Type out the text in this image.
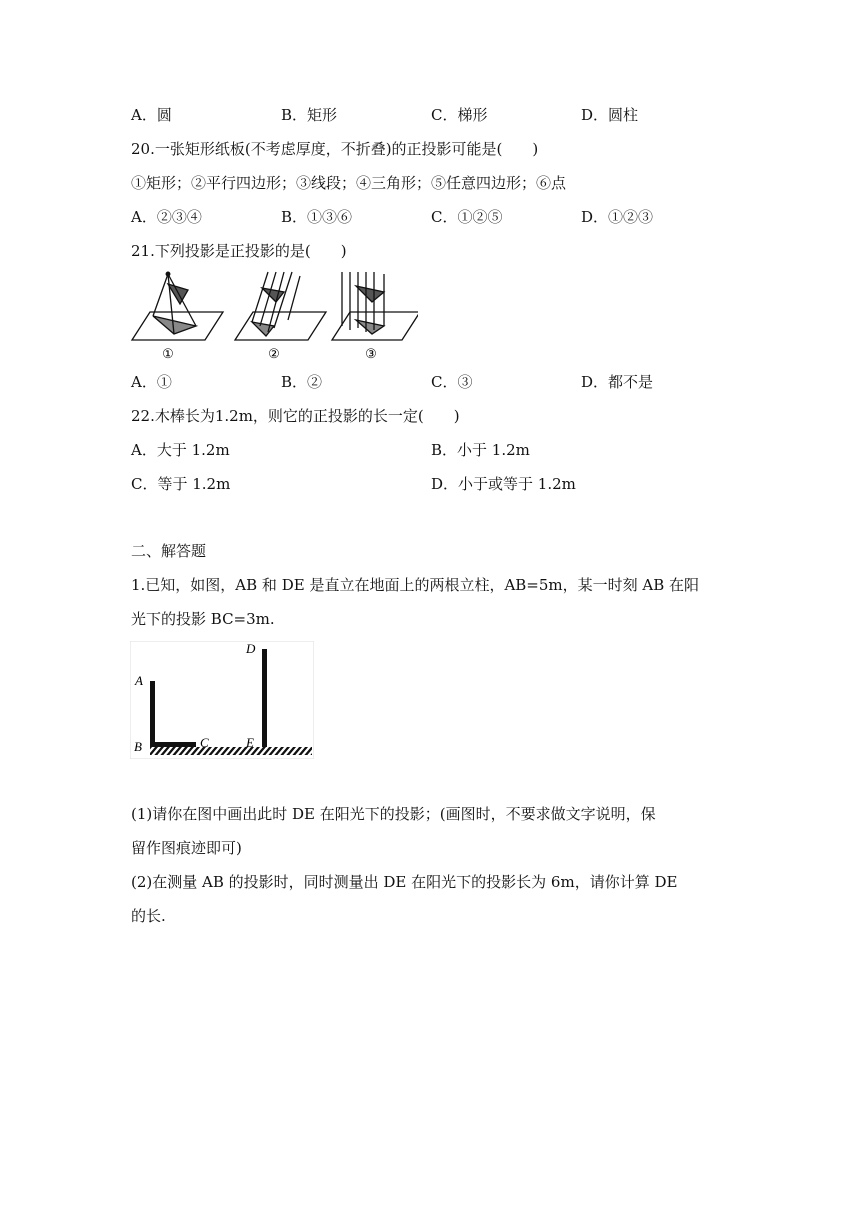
A．圆	B．矩形	C．梯形	D．圆柱
20.一张矩形纸板(不考虑厚度，不折叠)的正投影可能是(　　)
①矩形；②平行四边形；③线段；④三角形；⑤任意四边形；⑥点
A．②③④	B．①③⑥	C．①②⑤	D．①②③
21.下列投影是正投影的是(　　)
①	②	③
A．①	B．②	C．③	D．都不是
22.木棒长为1.2m，则它的正投影的长一定(　　)
A．大于 1.2m	B．小于 1.2m
C．等于 1.2m	D．小于或等于 1.2m
二、解答题
1.已知，如图，AB 和 DE 是直立在地面上的两根立柱，AB=5m，某一时刻 AB 在阳
光下的投影 BC=3m.
A
B	C
D
E
(1)请你在图中画出此时 DE 在阳光下的投影；(画图时，不要求做文字说明，保
留作图痕迹即可)
(2)在测量 AB 的投影时，同时测量出 DE 在阳光下的投影长为 6m，请你计算 DE
的长.
